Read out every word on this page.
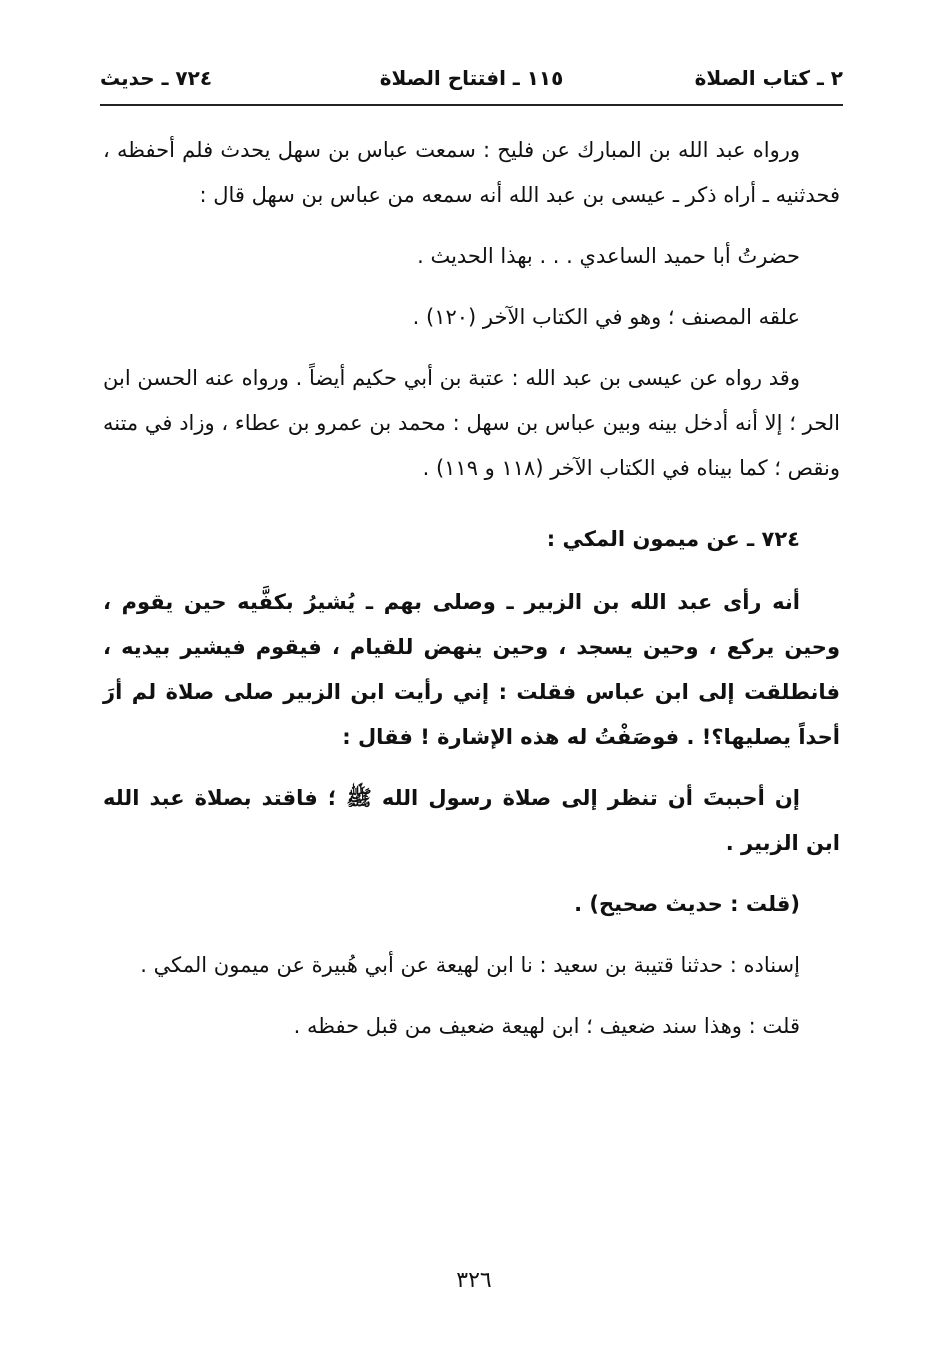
٢ ـ كتاب الصلاة
١١٥ ـ افتتاح الصلاة
٧٢٤ ـ حديث

ورواه عبد الله بن المبارك عن فليح : سمعت عباس بن سهل يحدث فلم أحفظه ، فحدثنيه ـ أراه ذكر ـ عيسى بن عبد الله أنه سمعه من عباس بن سهل قال :

حضرتُ أبا حميد الساعدي . . . بهذا الحديث .

علقه المصنف ؛ وهو في الكتاب الآخر (١٢٠) .

وقد رواه عن عيسى بن عبد الله : عتبة بن أبي حكيم أيضاً . ورواه عنه الحسن ابن الحر ؛ إلا أنه أدخل بينه وبين عباس بن سهل : محمد بن عمرو بن عطاء ، وزاد في متنه ونقص ؛ كما بيناه في الكتاب الآخر (١١٨ و ١١٩) .

٧٢٤ ـ عن ميمون المكي :

أنه رأى عبد الله بن الزبير ـ وصلى بهم ـ يُشيرُ بكفَّيه حين يقوم ، وحين يركع ، وحين يسجد ، وحين ينهض للقيام ، فيقوم فيشير بيديه ، فانطلقت إلى ابن عباس فقلت : إني رأيت ابن الزبير صلى صلاة لم أرَ أحداً يصليها؟! . فوصَفْتُ له هذه الإشارة ! فقال :

إن أحببتَ أن تنظر إلى صلاة رسول الله ﷺ ؛ فاقتد بصلاة عبد الله ابن الزبير .

(قلت : حديث صحيح) .

إسناده : حدثنا قتيبة بن سعيد : نا ابن لهيعة عن أبي هُبيرة عن ميمون المكي .

قلت : وهذا سند ضعيف ؛ ابن لهيعة ضعيف من قبل حفظه .

٣٢٦
